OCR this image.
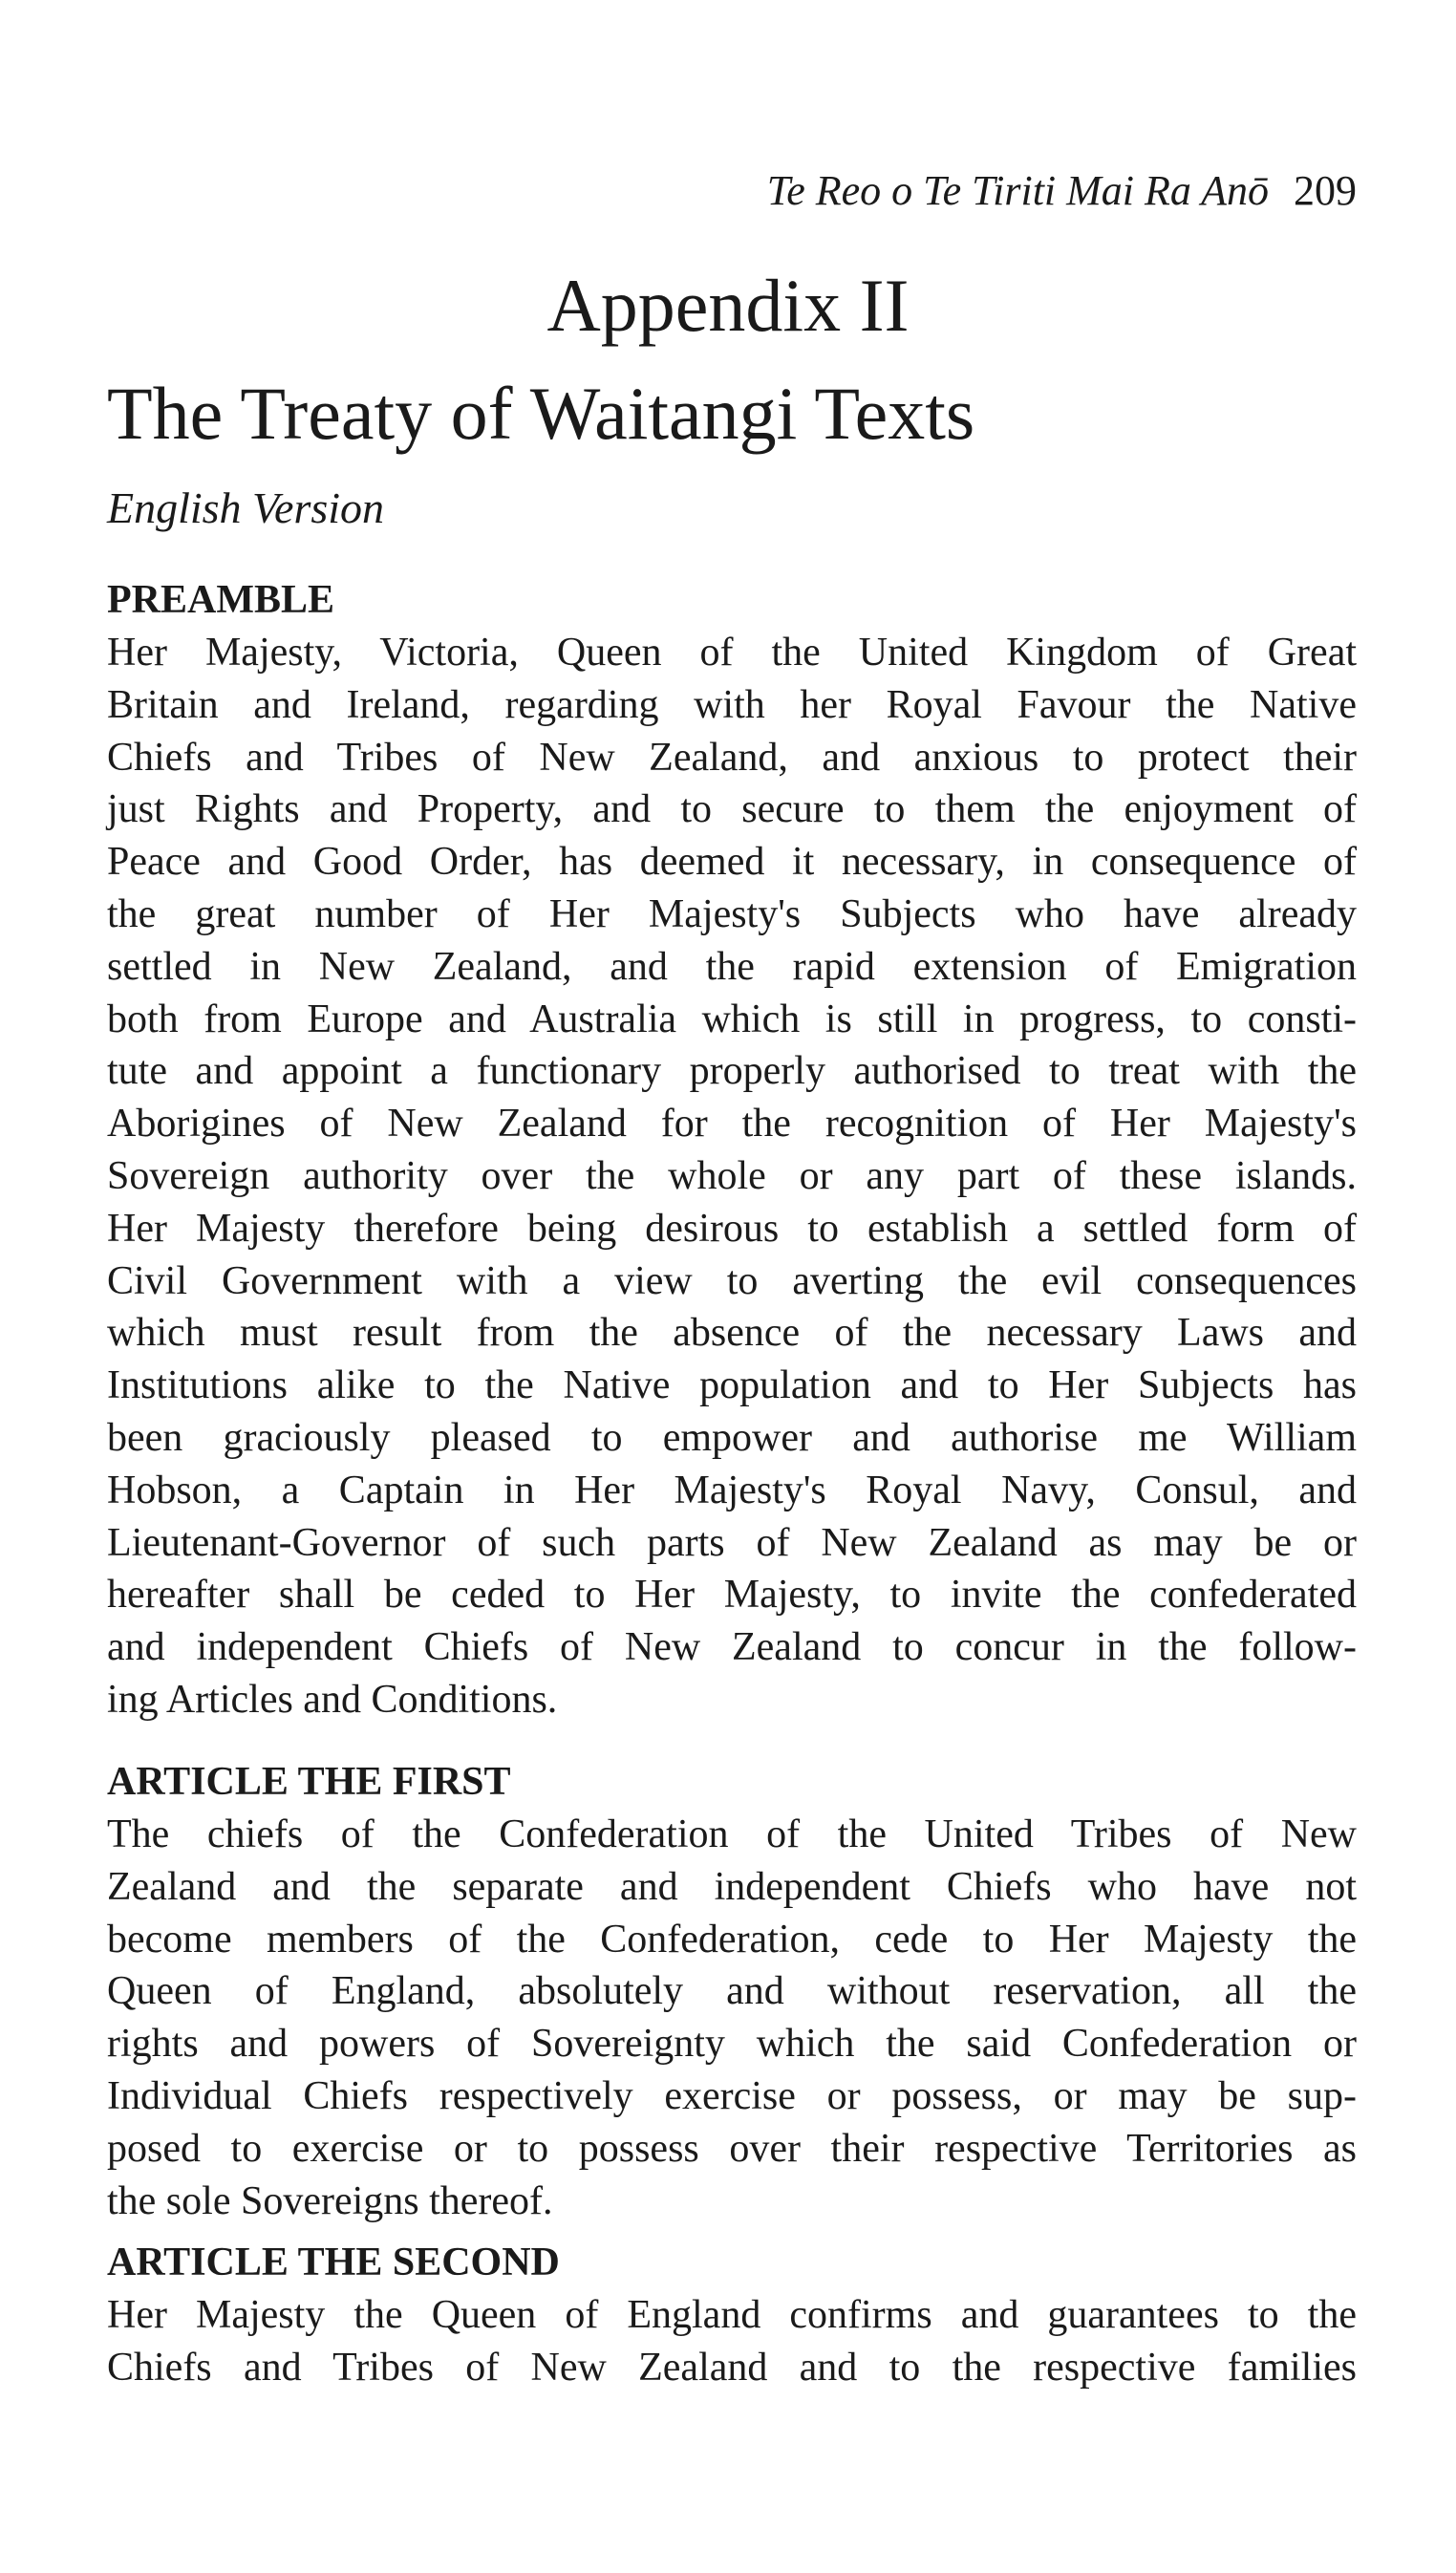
Te Reo o Te Tiriti Mai Ra Anō 209
Appendix II
The Treaty of Waitangi Texts
English Version
PREAMBLE

Her Majesty, Victoria, Queen of the United Kingdom of Great
Britain and Ireland, regarding with her Royal Favour the Native
Chiefs and Tribes of New Zealand, and anxious to protect their
just Rights and Property, and to secure to them the enjoyment of
Peace and Good Order, has deemed it necessary, in consequence of
the great number of Her Majesty's Subjects who have already
settled in New Zealand, and the rapid extension of Emigration
both from Europe and Australia which is still in progress, to consti-
tute and appoint a functionary properly authorised to treat with the
Aborigines of New Zealand for the recognition of Her Majesty's
Sovereign authority over the whole or any part of these islands.
Her Majesty therefore being desirous to establish a settled form of
Civil Government with a view to averting the evil consequences
which must result from the absence of the necessary Laws and
Institutions alike to the Native population and to Her Subjects has
been graciously pleased to empower and authorise me William
Hobson, a Captain in Her Majesty's Royal Navy, Consul, and
Lieutenant-Governor of such parts of New Zealand as may be or
hereafter shall be ceded to Her Majesty, to invite the confederated
and independent Chiefs of New Zealand to concur in the follow-
ing Articles and Conditions.

ARTICLE THE FIRST

The chiefs of the Confederation of the United Tribes of New
Zealand and the separate and independent Chiefs who have not
become members of the Confederation, cede to Her Majesty the
Queen of England, absolutely and without reservation, all the
rights and powers of Sovereignty which the said Confederation or
Individual Chiefs respectively exercise or possess, or may be sup-
posed to exercise or to possess over their respective Territories as
the sole Sovereigns thereof.

ARTICLE THE SECOND

Her Majesty the Queen of England confirms and guarantees to the
Chiefs and Tribes of New Zealand and to the respective families
